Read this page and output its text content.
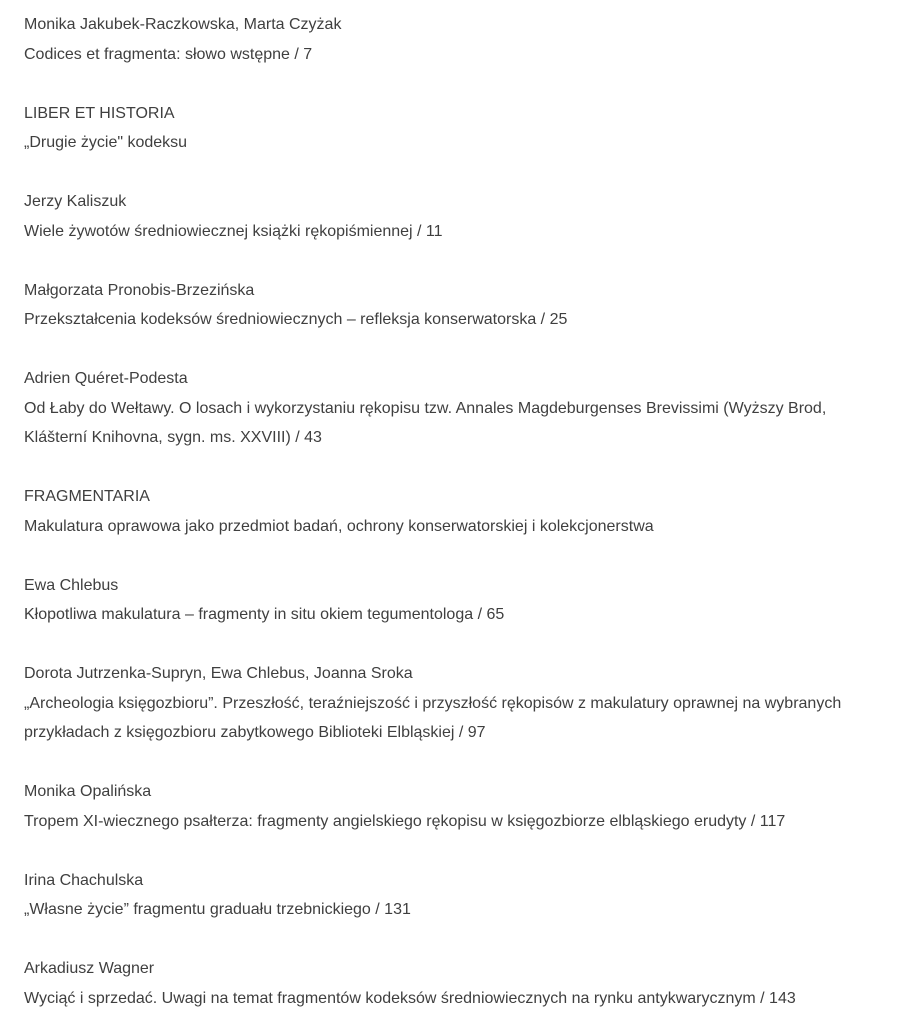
Monika Jakubek-Raczkowska, Marta Czyżak
Codices et fragmenta: słowo wstępne / 7
LIBER ET HISTORIA
„Drugie życie" kodeksu
Jerzy Kaliszuk
Wiele żywotów średniowiecznej książki rękopiśmiennej / 11
Małgorzata Pronobis-Brzezińska
Przekształcenia kodeksów średniowiecznych – refleksja konserwatorska / 25
Adrien Quéret-Podesta
Od Łaby do Wełtawy. O losach i wykorzystaniu rękopisu tzw. Annales Magdeburgenses Brevissimi (Wyższy Brod, Klášterní Knihovna, sygn. ms. XXVIII) / 43
FRAGMENTARIA
Makulatura oprawowa jako przedmiot badań, ochrony konserwatorskiej i kolekcjonerstwa
Ewa Chlebus
Kłopotliwa makulatura – fragmenty in situ okiem tegumentologa / 65
Dorota Jutrzenka-Supryn, Ewa Chlebus, Joanna Sroka
„Archeologia księgozbioru”. Przeszłość, teraźniejszość i przyszłość rękopisów z makulatury oprawnej na wybranych przykładach z księgozbioru zabytkowego Biblioteki Elbląskiej / 97
Monika Opalińska
Tropem XI-wiecznego psałterza: fragmenty angielskiego rękopisu w księgozbiorze elbląskiego erudyty / 117
Irina Chachulska
„Własne życie” fragmentu graduału trzebnickiego / 131
Arkadiusz Wagner
Wyciąć i sprzedać. Uwagi na temat fragmentów kodeksów średniowiecznych na rynku antykwarycznym / 143
